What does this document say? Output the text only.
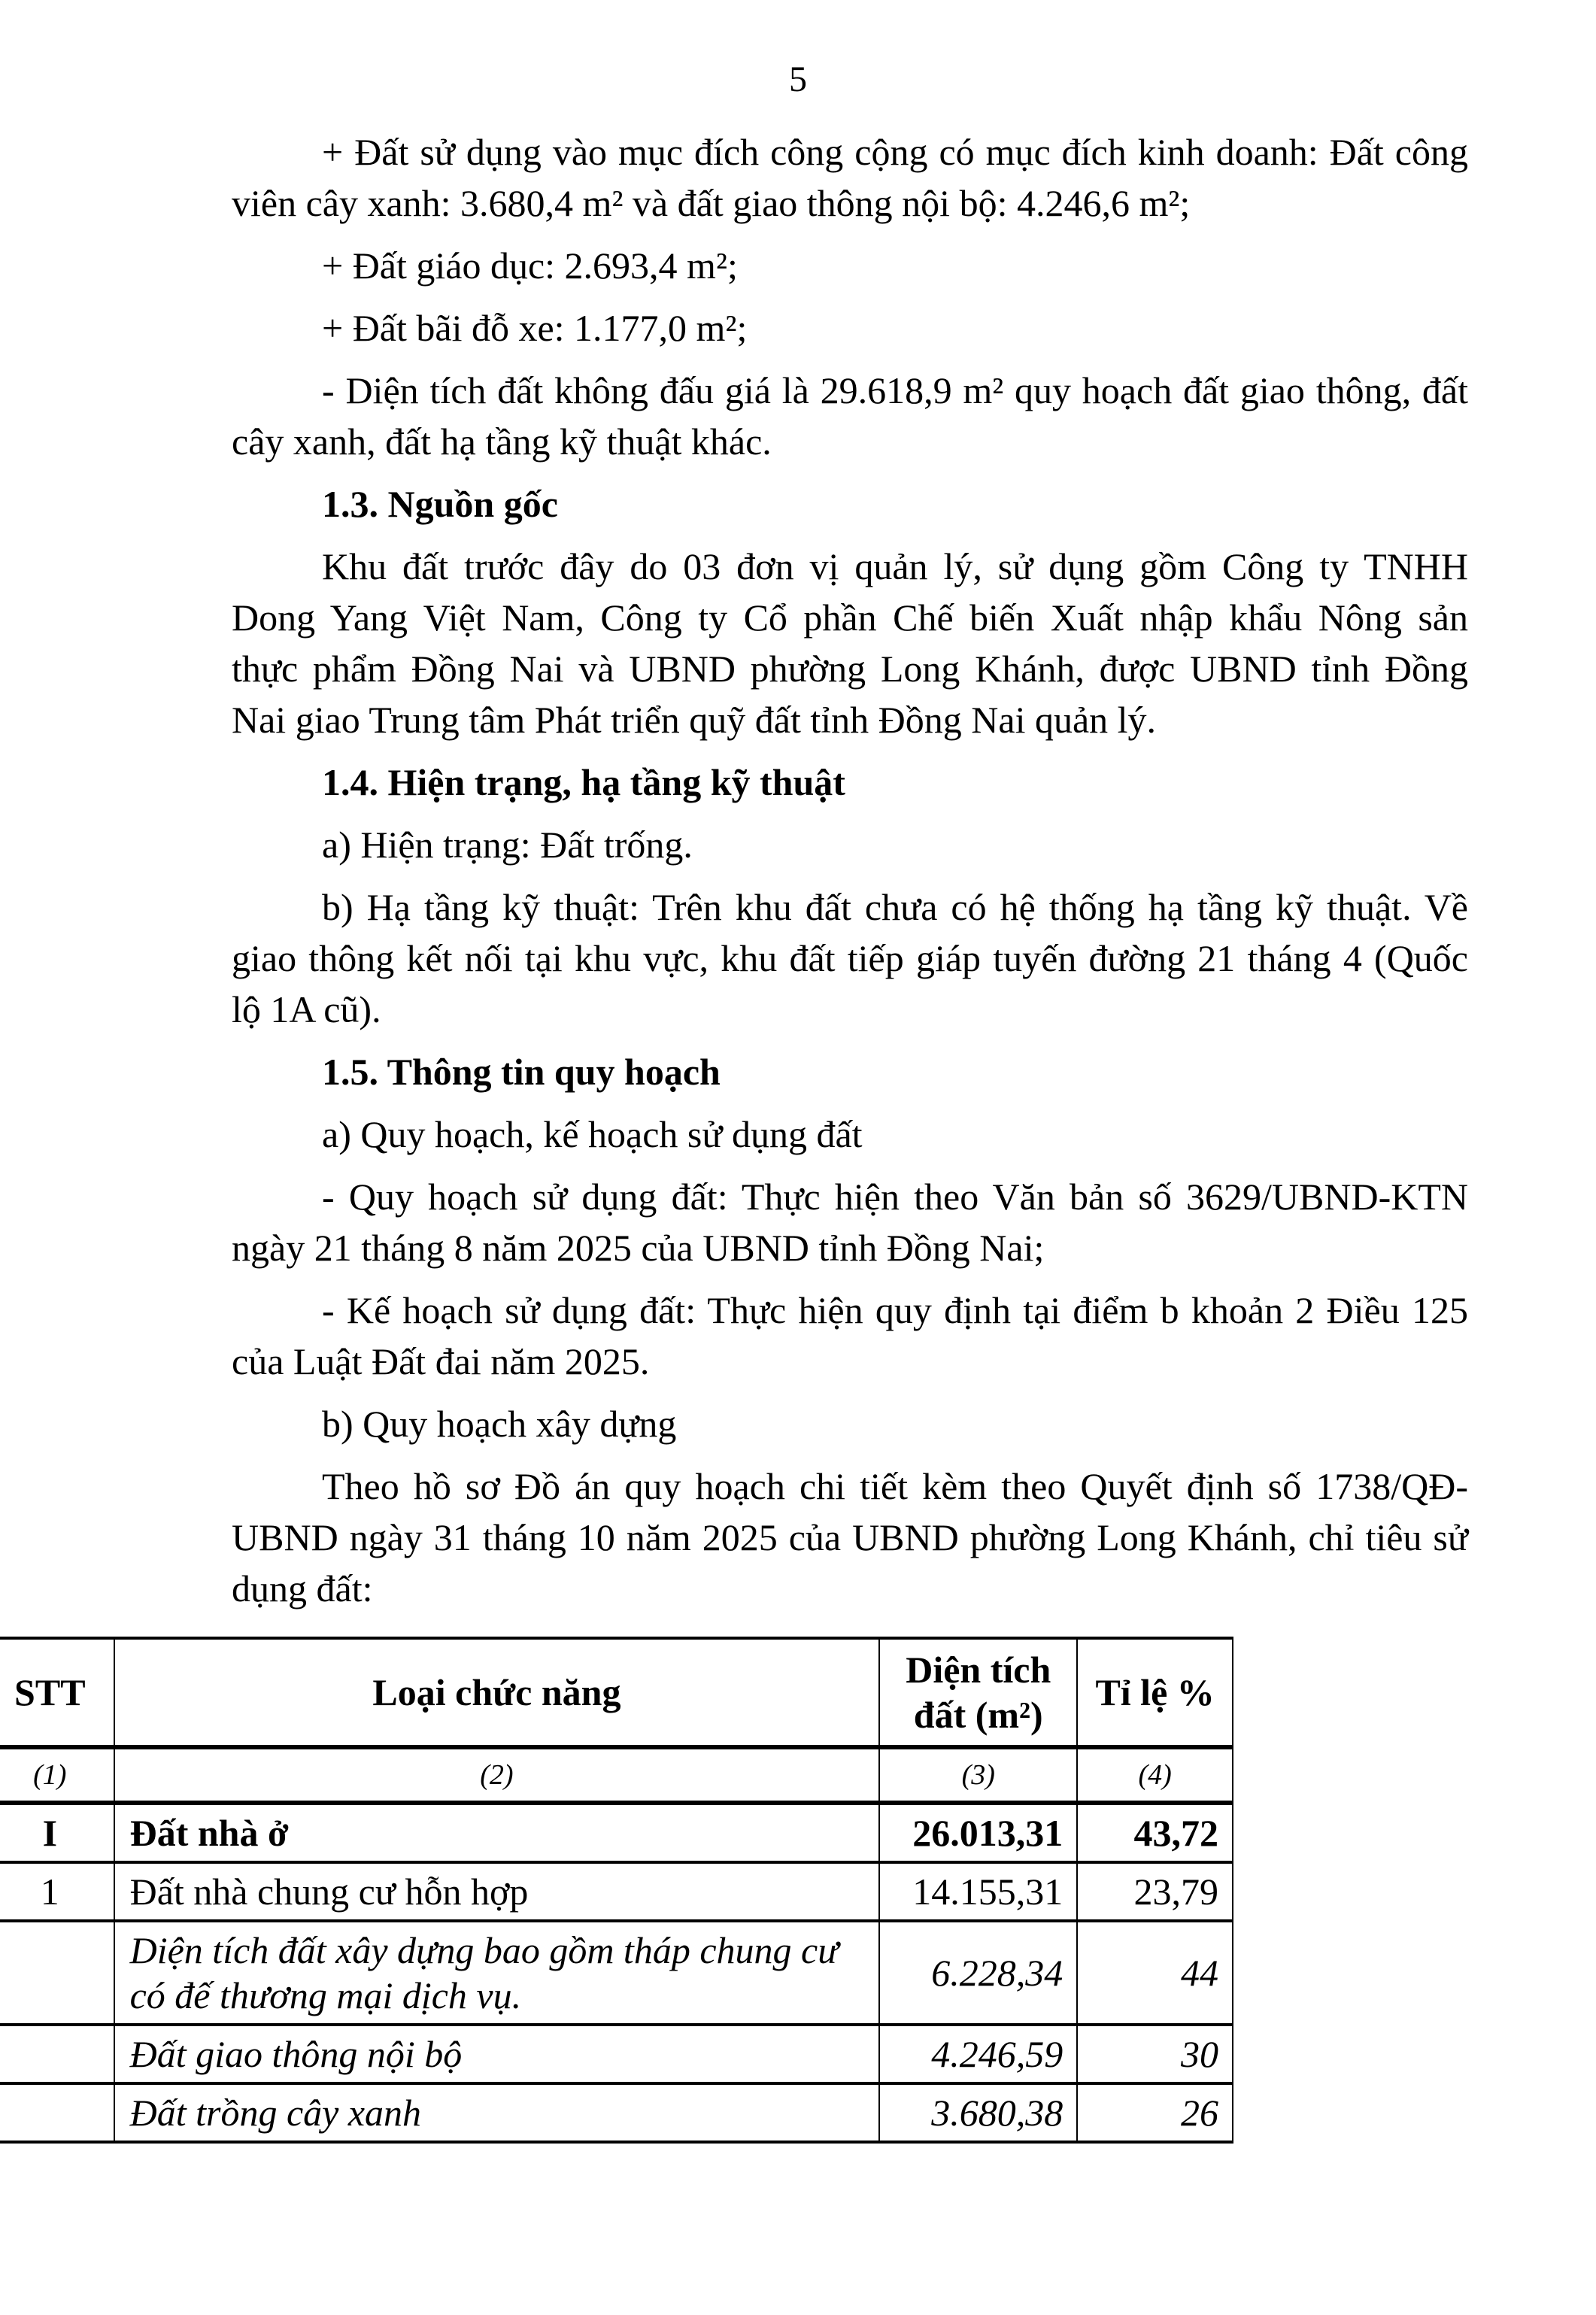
5
+ Đất sử dụng vào mục đích công cộng có mục đích kinh doanh: Đất công
viên cây xanh: 3.680,4 m² và đất giao thông nội bộ: 4.246,6 m²;
+ Đất giáo dục: 2.693,4 m²;
+ Đất bãi đỗ xe: 1.177,0 m²;
- Diện tích đất không đấu giá là 29.618,9 m² quy hoạch đất giao thông, đất
cây xanh, đất hạ tầng kỹ thuật khác.
1.3. Nguồn gốc
Khu đất trước đây do 03 đơn vị quản lý, sử dụng gồm Công ty TNHH
Dong Yang Việt Nam, Công ty Cổ phần Chế biến Xuất nhập khẩu Nông sản
thực phẩm Đồng Nai và UBND phường Long Khánh, được UBND tỉnh Đồng
Nai giao Trung tâm Phát triển quỹ đất tỉnh Đồng Nai quản lý.
1.4. Hiện trạng, hạ tầng kỹ thuật
a) Hiện trạng: Đất trống.
b) Hạ tầng kỹ thuật: Trên khu đất chưa có hệ thống hạ tầng kỹ thuật. Về
giao thông kết nối tại khu vực, khu đất tiếp giáp tuyến đường 21 tháng 4 (Quốc
lộ 1A cũ).
1.5. Thông tin quy hoạch
a) Quy hoạch, kế hoạch sử dụng đất
- Quy hoạch sử dụng đất: Thực hiện theo Văn bản số 3629/UBND-KTN
ngày 21 tháng 8 năm 2025 của UBND tỉnh Đồng Nai;
- Kế hoạch sử dụng đất: Thực hiện quy định tại điểm b khoản 2 Điều 125
của Luật Đất đai năm 2025.
b) Quy hoạch xây dựng
Theo hồ sơ Đồ án quy hoạch chi tiết kèm theo Quyết định số 1738/QĐ-
UBND ngày 31 tháng 10 năm 2025 của UBND phường Long Khánh, chỉ tiêu sử
dụng đất:
STT	Loại chức năng	Diện tích đất (m²)	Tỉ lệ %
(1)	(2)	(3)	(4)
I	Đất nhà ở	26.013,31	43,72
1	Đất nhà chung cư hỗn hợp	14.155,31	23,79
	Diện tích đất xây dựng bao gồm tháp chung cư có đế thương mại dịch vụ.	6.228,34	44
	Đất giao thông nội bộ	4.246,59	30
	Đất trồng cây xanh	3.680,38	26
